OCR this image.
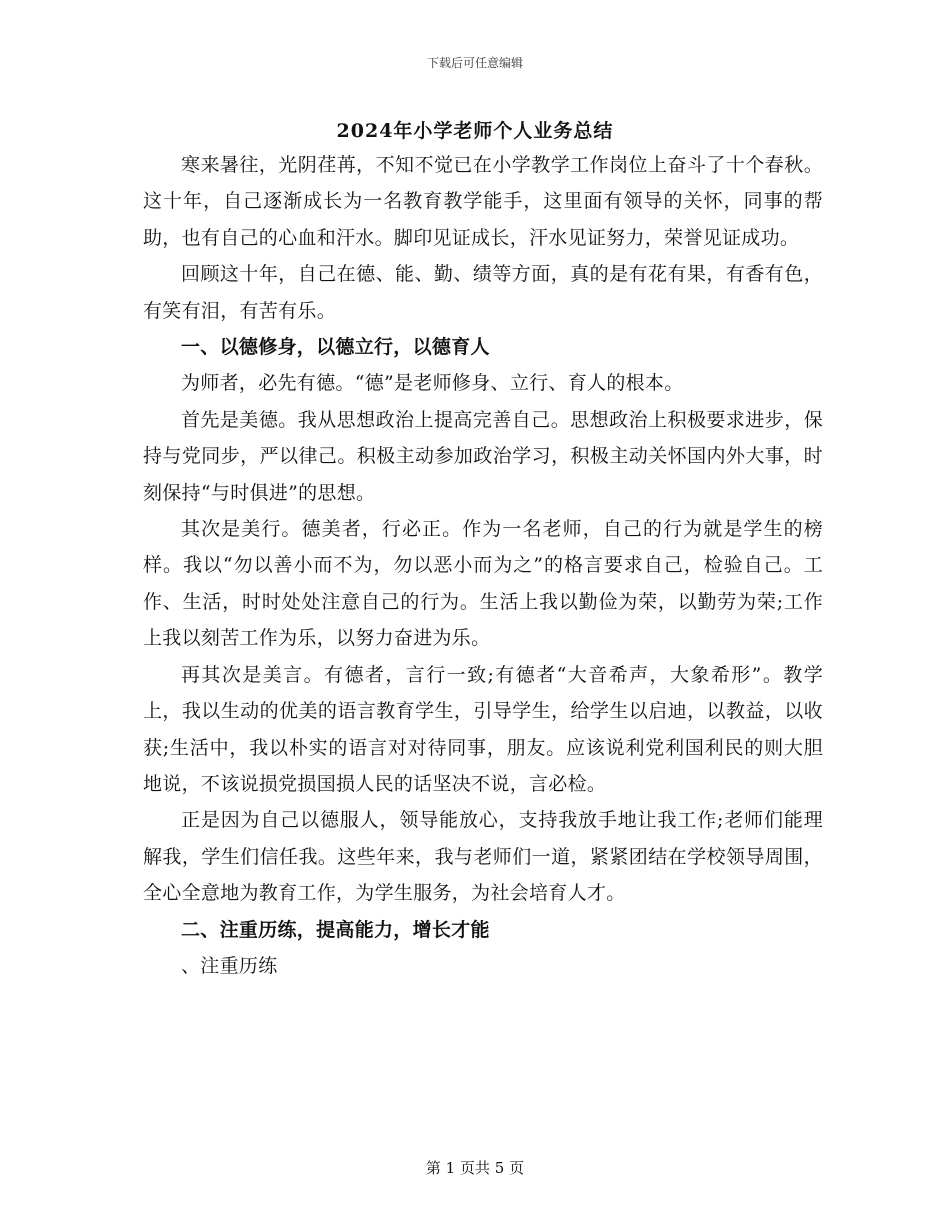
下载后可任意编辑
2024年小学老师个人业务总结

寒来暑往，光阴荏苒，不知不觉已在小学教学工作岗位上奋斗了十个春秋。这十年，自己逐渐成长为一名教育教学能手，这里面有领导的关怀，同事的帮助，也有自己的心血和汗水。脚印见证成长，汗水见证努力，荣誉见证成功。

回顾这十年，自己在德、能、勤、绩等方面，真的是有花有果，有香有色，有笑有泪，有苦有乐。

一、以德修身，以德立行，以德育人

为师者，必先有德。“德”是老师修身、立行、育人的根本。

首先是美德。我从思想政治上提高完善自己。思想政治上积极要求进步，保持与党同步，严以律己。积极主动参加政治学习，积极主动关怀国内外大事，时刻保持“与时俱进”的思想。

其次是美行。德美者，行必正。作为一名老师，自己的行为就是学生的榜样。我以“勿以善小而不为，勿以恶小而为之”的格言要求自己，检验自己。工作、生活，时时处处注意自己的行为。生活上我以勤俭为荣，以勤劳为荣;工作上我以刻苦工作为乐，以努力奋进为乐。

再其次是美言。有德者，言行一致;有德者“大音希声，大象希形”。教学上，我以生动的优美的语言教育学生，引导学生，给学生以启迪，以教益，以收获;生活中，我以朴实的语言对对待同事，朋友。应该说利党利国利民的则大胆地说，不该说损党损国损人民的话坚决不说，言必检。

正是因为自己以德服人，领导能放心，支持我放手地让我工作;老师们能理解我，学生们信任我。这些年来，我与老师们一道，紧紧团结在学校领导周围，全心全意地为教育工作，为学生服务，为社会培育人才。

二、注重历练，提高能力，增长才能

、注重历练

第 1 页共 5 页
